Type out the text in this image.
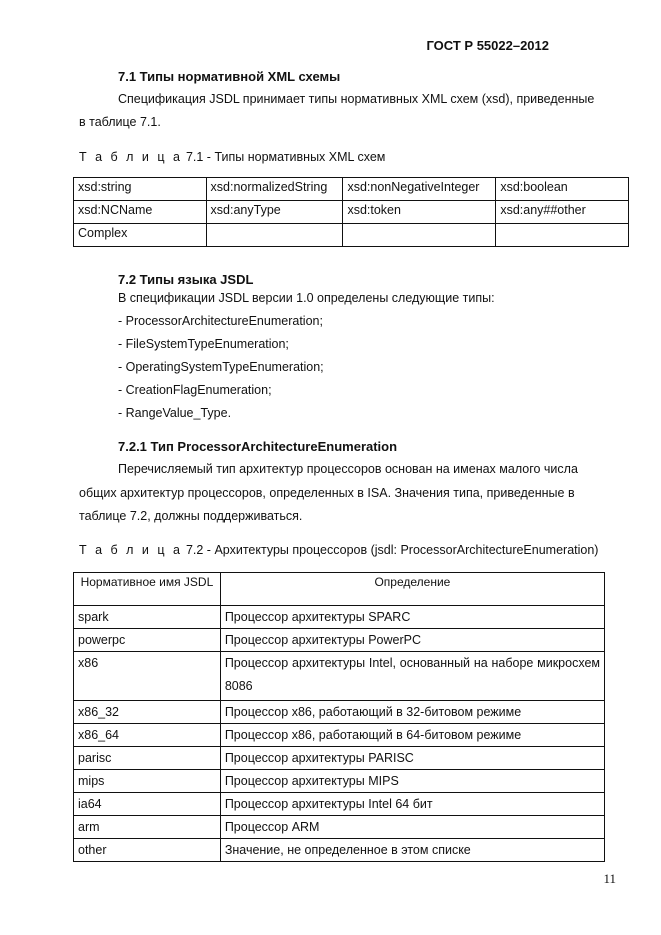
ГОСТ Р 55022–2012
7.1 Типы нормативной XML схемы
Спецификация JSDL принимает типы нормативных XML схем (xsd), приведенные
в таблице 7.1.
Т а б л и ц а 7.1 - Типы нормативных XML схем
xsd:string	xsd:normalizedString	xsd:nonNegativeInteger	xsd:boolean
xsd:NCName	xsd:anyType	xsd:token	xsd:any##other
Complex			
7.2 Типы языка JSDL
В спецификации JSDL версии 1.0 определены следующие типы:
- ProcessorArchitectureEnumeration;
- FileSystemTypeEnumeration;
- OperatingSystemTypeEnumeration;
- CreationFlagEnumeration;
- RangeValue_Type.
7.2.1 Тип ProcessorArchitectureEnumeration
Перечисляемый тип архитектур процессоров основан на именах малого числа
общих архитектур процессоров, определенных в ISA. Значения типа, приведенные в
таблице 7.2, должны поддерживаться.
Т а б л и ц а 7.2 - Архитектуры процессоров (jsdl: ProcessorArchitectureEnumeration)
Нормативное имя JSDL	Определение
spark	Процессор архитектуры SPARC
powerpc	Процессор архитектуры PowerPC
x86	Процессор архитектуры Intel, основанный на наборе микросхем 8086
x86_32	Процессор x86, работающий в 32-битовом режиме
x86_64	Процессор x86, работающий в 64-битовом режиме
parisc	Процессор архитектуры PARISC
mips	Процессор архитектуры MIPS
ia64	Процессор архитектуры Intel 64 бит
arm	Процессор ARM
other	Значение, не определенное в этом списке
11
